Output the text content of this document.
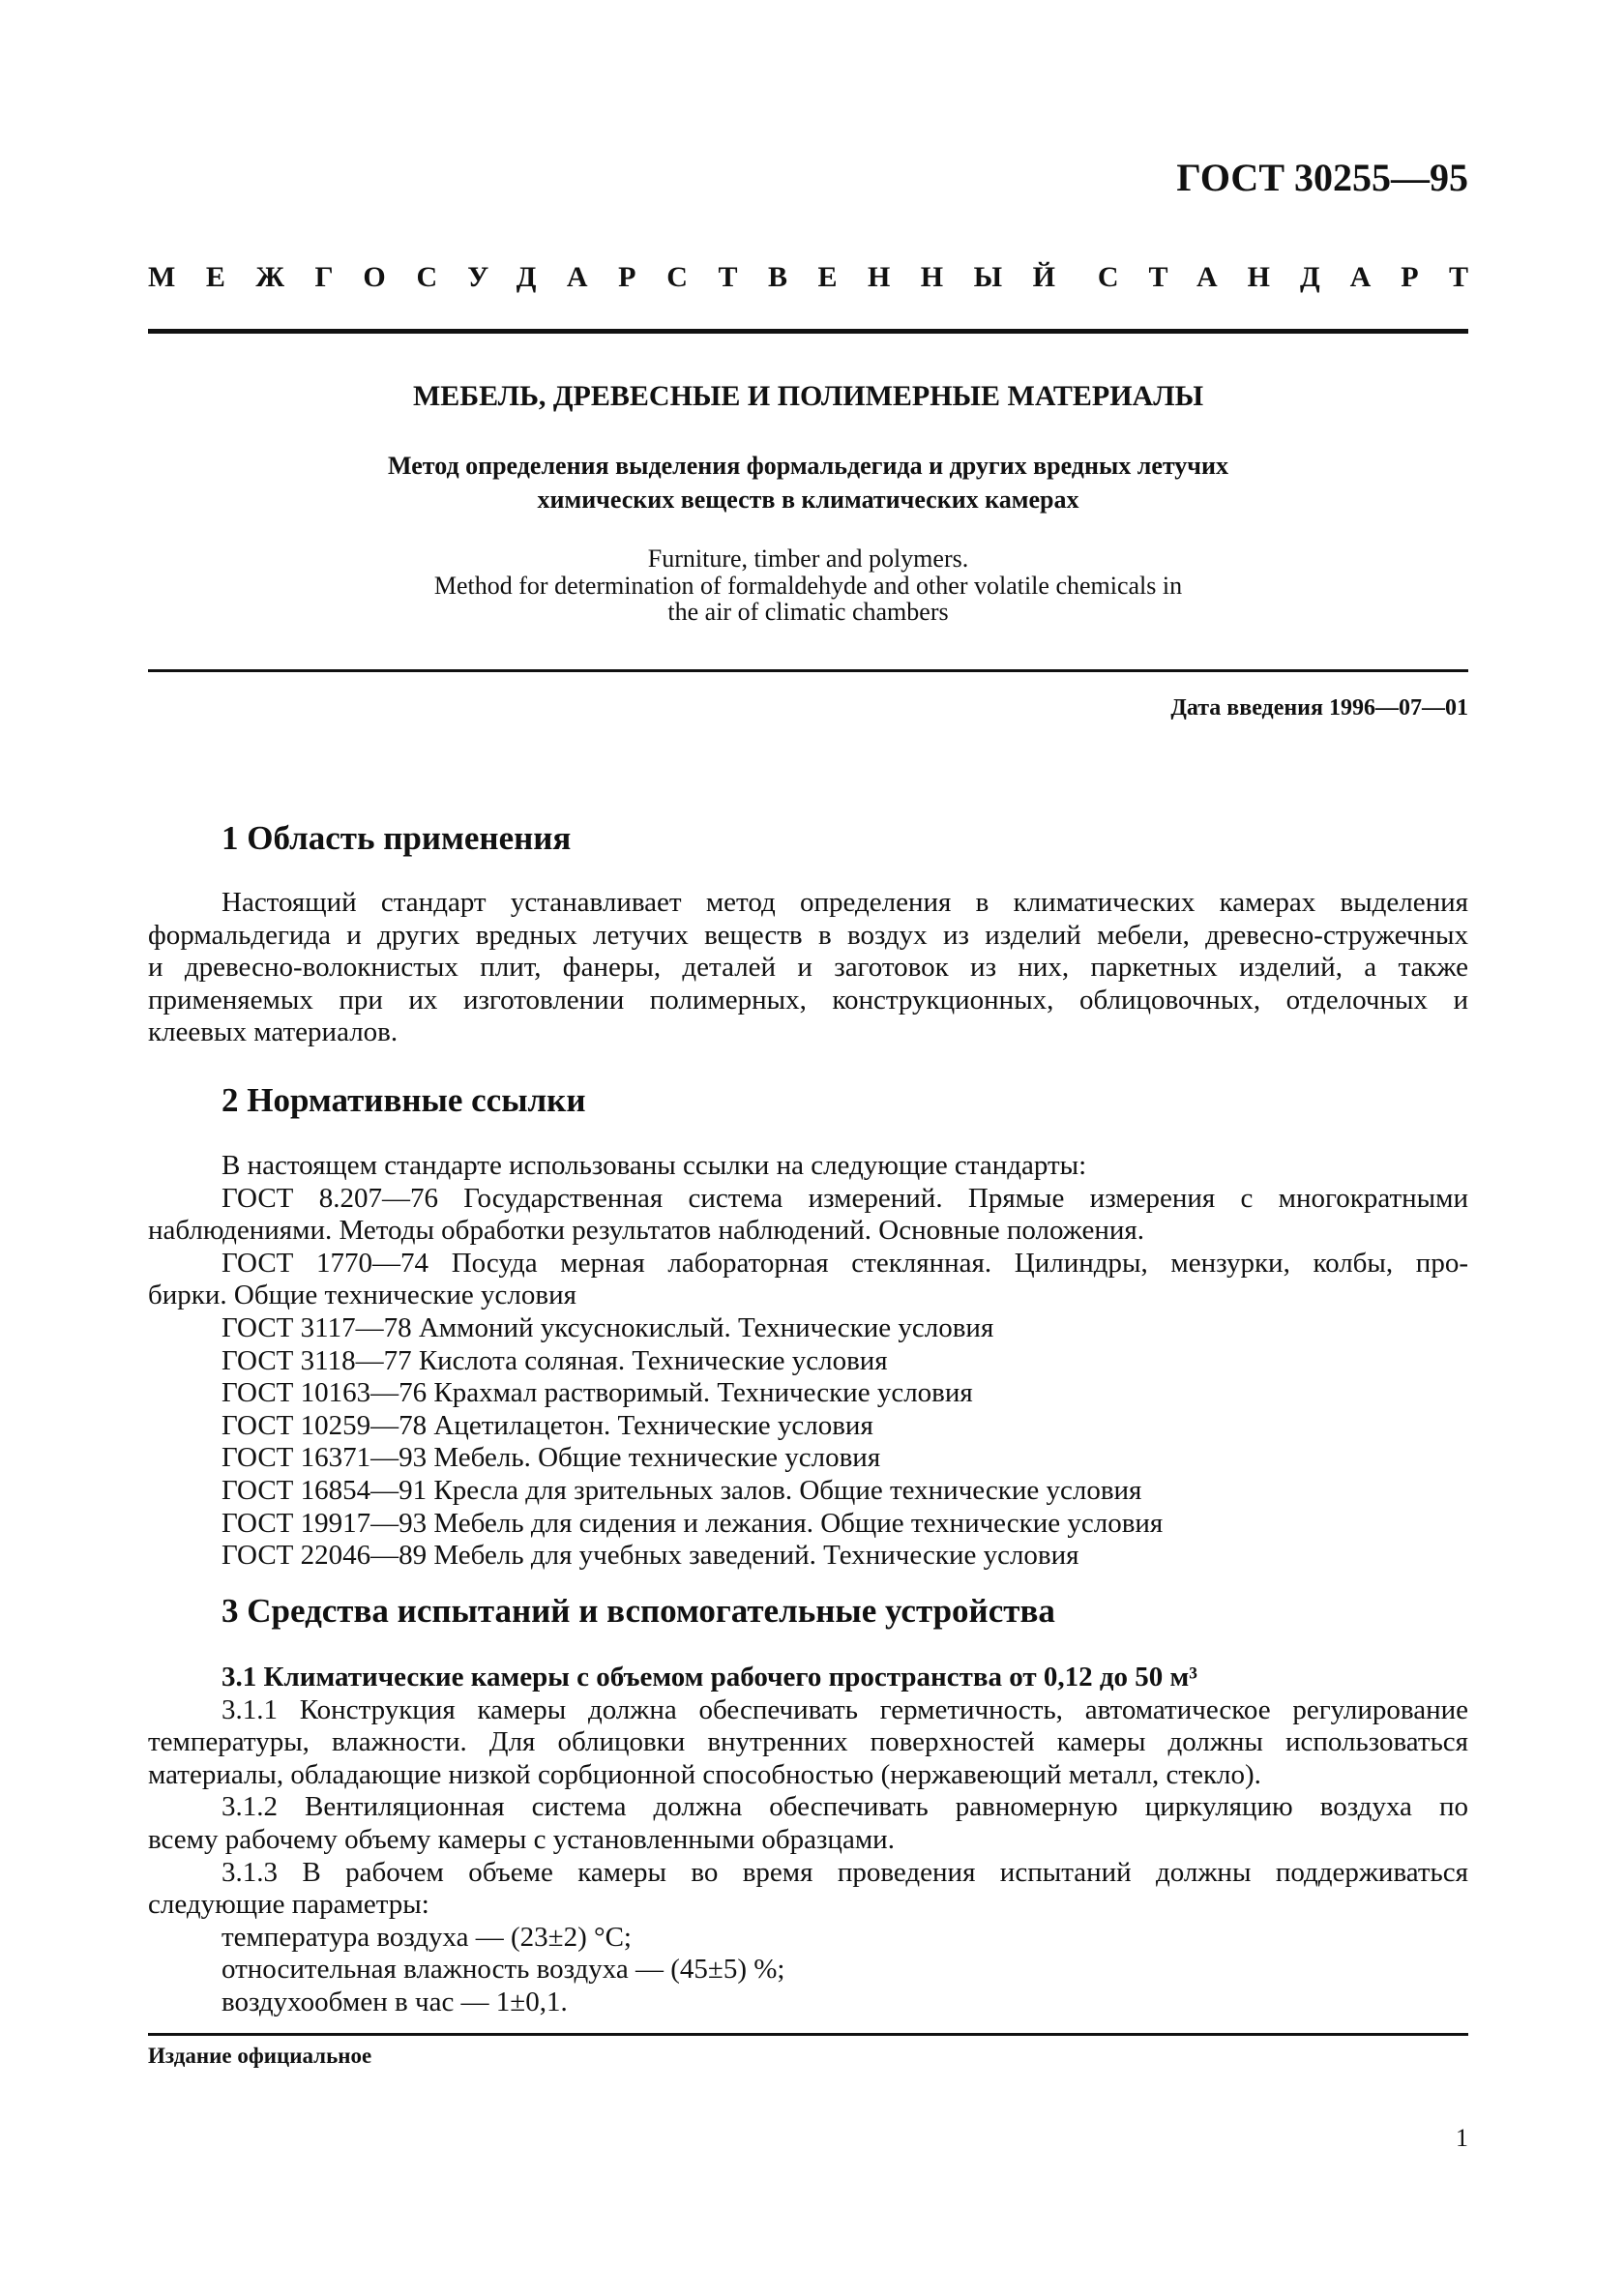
ГОСТ 30255—95
МЕЖГОСУДАРСТВЕННЫЙ СТАНДАРТ
МЕБЕЛЬ, ДРЕВЕСНЫЕ И ПОЛИМЕРНЫЕ МАТЕРИАЛЫ
Метод определения выделения формальдегида и других вредных летучих
химических веществ в климатических камерах
Furniture, timber and polymers.
Method for determination of formaldehyde and other volatile chemicals in
the air of climatic chambers
Дата введения 1996—07—01
1 Область применения
Настоящий стандарт устанавливает метод определения в климатических камерах выделения
формальдегида и других вредных летучих веществ в воздух из изделий мебели, древесно-стружечных
и древесно-волокнистых плит, фанеры, деталей и заготовок из них, паркетных изделий, а также
применяемых при их изготовлении полимерных, конструкционных, облицовочных, отделочных и
клеевых материалов.
2 Нормативные ссылки
В настоящем стандарте использованы ссылки на следующие стандарты:
ГОСТ 8.207—76 Государственная система измерений. Прямые измерения с многократными
наблюдениями. Методы обработки результатов наблюдений. Основные положения.
ГОСТ 1770—74 Посуда мерная лабораторная стеклянная. Цилиндры, мензурки, колбы, про-
бирки. Общие технические условия
ГОСТ 3117—78 Аммоний уксуснокислый. Технические условия
ГОСТ 3118—77 Кислота соляная. Технические условия
ГОСТ 10163—76 Крахмал растворимый. Технические условия
ГОСТ 10259—78 Ацетилацетон. Технические условия
ГОСТ 16371—93 Мебель. Общие технические условия
ГОСТ 16854—91 Кресла для зрительных залов. Общие технические условия
ГОСТ 19917—93 Мебель для сидения и лежания. Общие технические условия
ГОСТ 22046—89 Мебель для учебных заведений. Технические условия
3 Средства испытаний и вспомогательные устройства
3.1 Климатические камеры с объемом рабочего пространства от 0,12 до 50 м³
3.1.1 Конструкция камеры должна обеспечивать герметичность, автоматическое регулирование
температуры, влажности. Для облицовки внутренних поверхностей камеры должны использоваться
материалы, обладающие низкой сорбционной способностью (нержавеющий металл, стекло).
3.1.2 Вентиляционная система должна обеспечивать равномерную циркуляцию воздуха по
всему рабочему объему камеры с установленными образцами.
3.1.3 В рабочем объеме камеры во время проведения испытаний должны поддерживаться
следующие параметры:
температура воздуха — (23±2) °С;
относительная влажность воздуха — (45±5) %;
воздухообмен в час — 1±0,1.
Издание официальное
1
